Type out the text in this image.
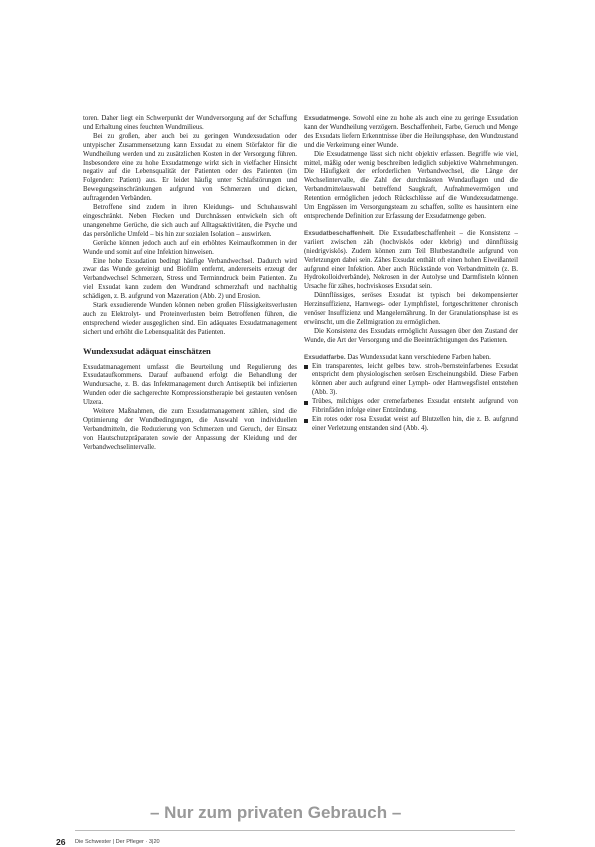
toren. Daher liegt ein Schwerpunkt der Wundversorgung auf der Schaffung und Erhaltung eines feuchten Wundmilieus.

Bei zu großen, aber auch bei zu geringen Wundexsudation oder untypischer Zusammensetzung kann Exsudat zu einem Störfaktor für die Wundheilung werden und zu zusätzlichen Kosten in der Versorgung führen. Insbesondere eine zu hohe Exsudatmenge wirkt sich in vielfacher Hinsicht negativ auf die Lebensqualität der Patienten oder des Patienten (im Folgenden: Patient) aus. Er leidet häufig unter Schlafstörungen und Bewegungseinschränkungen aufgrund von Schmerzen und dicken, auftragenden Verbänden.

Betroffene sind zudem in ihren Kleidungs- und Schuhauswahl eingeschränkt. Neben Flecken und Durchnässen entwickeln sich oft unangenehme Gerüche, die sich auch auf Alltagsaktivitäten, die Psyche und das persönliche Umfeld – bis hin zur sozialen Isolation – auswirken.

Gerüche können jedoch auch auf ein erhöhtes Keimaufkommen in der Wunde und somit auf eine Infektion hinweisen.

Eine hohe Exsudation bedingt häufige Verbandwechsel. Dadurch wird zwar das Wunde gereinigt und Biofilm entfernt, andererseits erzeugt der Verbandwechsel Schmerzen, Stress und Terminndruck beim Patienten. Zu viel Exsudat kann zudem den Wundrand schmerzhaft und nachhaltig schädigen, z. B. aufgrund von Mazeration (Abb. 2) und Erosion.

Stark exsudierende Wunden können neben großen Flüssigkeitsverlusten auch zu Elektrolyt- und Proteinverlusten beim Betroffenen führen, die entsprechend wieder ausgeglichen sind. Ein adäquates Exsudatmanagement sichert und erhöht die Lebensqualität des Patienten.

Wundexsudat adäquat einschätzen

Exsudatmanagement umfasst die Beurteilung und Regulierung des Exsudataufkommens. Darauf aufbauend erfolgt die Behandlung der Wundursache, z. B. das Infektmanagement durch Antiseptik bei infizierten Wunden oder die sachgerechte Kompressionstherapie bei gestauten venösen Ulzera.

Weitere Maßnahmen, die zum Exsudatmanagement zählen, sind die Optimierung der Wundbedingungen, die Auswahl von individuellen Verbandmitteln, die Reduzierung von Schmerzen und Geruch, der Einsatz von Hautschutzpräparaten sowie der Anpassung der Kleidung und der Verbandwechselintervalle.

Exsudatmenge. Sowohl eine zu hohe als auch eine zu geringe Exsudation kann der Wundheilung verzögern. Beschaffenheit, Farbe, Geruch und Menge des Exsudats liefern Erkenntnisse über die Heilungsphase, den Wundzustand und die Verkeimung einer Wunde.

Die Exsudatmenge lässt sich nicht objektiv erfassen. Begriffe wie viel, mittel, mäßig oder wenig beschreiben lediglich subjektive Wahrnehmungen. Die Häufigkeit der erforderlichen Verbandwechsel, die Länge der Wechselintervalle, die Zahl der durchnässten Wundauflagen und die Verbandmittelauswahl betreffend Saugkraft, Aufnahmevermögen und Retention ermöglichen jedoch Rückschlüsse auf die Wundexsudatmenge. Um Engpässen im Versorgungsteam zu schaffen, sollte es hausintern eine entsprechende Definition zur Erfassung der Exsudatmenge geben.

Exsudatbeschaffenheit. Die Exsudatbeschaffenheit – die Konsistenz – variiert zwischen zäh (hochviskös oder klebrig) und dünnflüssig (niedrigviskös). Zudem können zum Teil Blutbestandteile aufgrund von Verletzungen dabei sein. Zähes Exsudat enthält oft einen hohen Eiweißanteil aufgrund einer Infektion. Aber auch Rückstände von Verbandmitteln (z. B. Hydrokolloidverbände), Nekrosen in der Autolyse und Darmfisteln können Ursache für zähes, hochviskoses Exsudat sein.

Dünnflüssiges, seröses Exsudat ist typisch bei dekompensierter Herzinsuffizienz, Harnwegs- oder Lymphfistel, fortgeschrittener chronisch venöser Insuffizienz und Mangelernährung. In der Granulationsphase ist es erwünscht, um die Zellmigration zu ermöglichen.

Die Konsistenz des Exsudats ermöglicht Aussagen über den Zustand der Wunde, die Art der Versorgung und die Beeinträchtigungen des Patienten.

Exsudatfarbe. Das Wundexsudat kann verschiedene Farben haben.

Ein transparentes, leicht gelbes bzw. stroh-/bernsteinfarbenes Exsudat entspricht dem physiologischen serösen Erscheinungsbild. Diese Farben können aber auch aufgrund einer Lymph- oder Harnwegsfistel entstehen (Abb. 3).
Trübes, milchiges oder cremefarbenes Exsudat entsteht aufgrund von Fibrinfäden infolge einer Entzündung.
Ein rotes oder rosa Exsudat weist auf Blutzellen hin, die z. B. aufgrund einer Verletzung entstanden sind (Abb. 4).
– Nur zum privaten Gebrauch –
26 Die Schwester | Der Pfleger · 3|20
